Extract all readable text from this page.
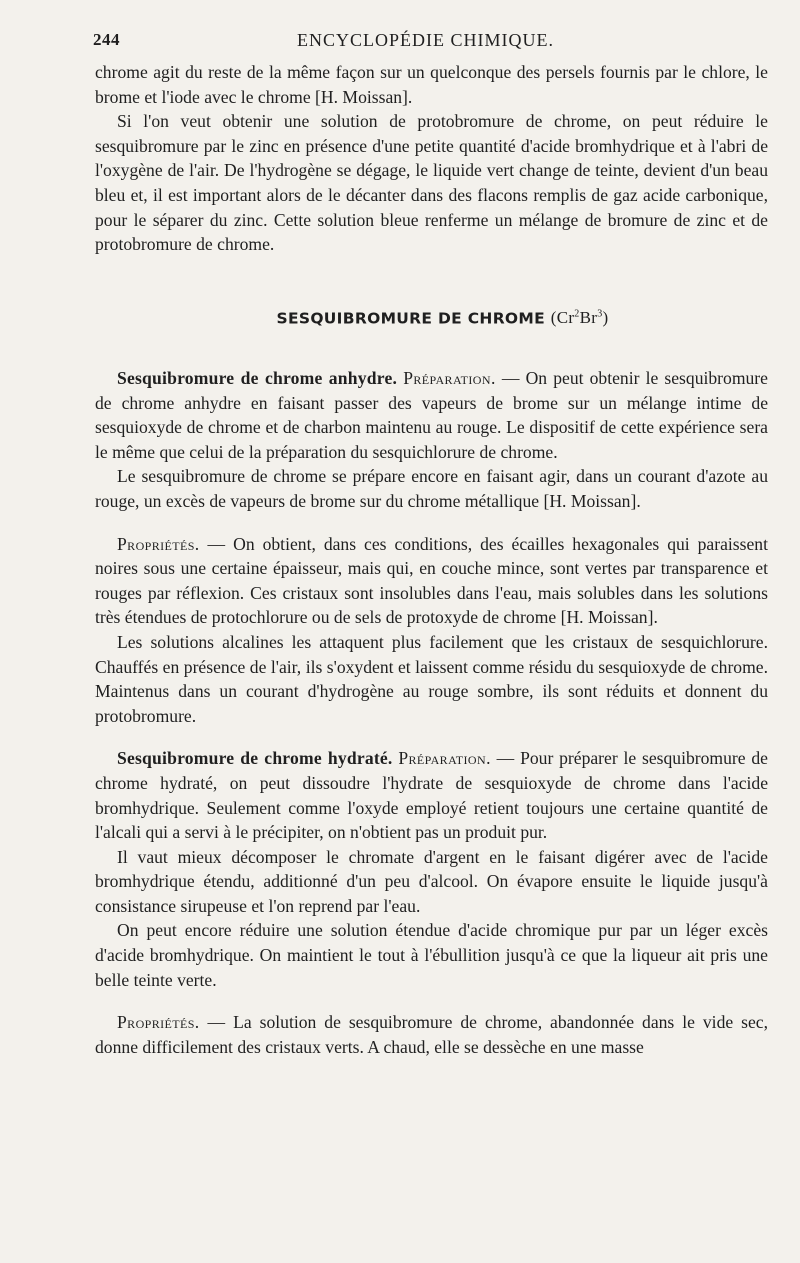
244	ENCYCLOPÉDIE CHIMIQUE.

chrome agit du reste de la même façon sur un quelconque des persels fournis par le chlore, le brome et l'iode avec le chrome [H. Moissan].

Si l'on veut obtenir une solution de protobromure de chrome, on peut réduire le sesquibromure par le zinc en présence d'une petite quantité d'acide bromhydrique et à l'abri de l'oxygène de l'air. De l'hydrogène se dégage, le liquide vert change de teinte, devient d'un beau bleu et, il est important alors de le décanter dans des flacons remplis de gaz acide carbonique, pour le séparer du zinc. Cette solution bleue renferme un mélange de bromure de zinc et de protobromure de chrome.

SESQUIBROMURE DE CHROME (Cr$^2$Br$^3$)

Sesquibromure de chrome anhydre. Préparation. — On peut obtenir le sesquibromure de chrome anhydre en faisant passer des vapeurs de brome sur un mélange intime de sesquioxyde de chrome et de charbon maintenu au rouge. Le dispositif de cette expérience sera le même que celui de la préparation du sesquichlorure de chrome.

Le sesquibromure de chrome se prépare encore en faisant agir, dans un courant d'azote au rouge, un excès de vapeurs de brome sur du chrome métallique [H. Moissan].

Propriétés. — On obtient, dans ces conditions, des écailles hexagonales qui paraissent noires sous une certaine épaisseur, mais qui, en couche mince, sont vertes par transparence et rouges par réflexion. Ces cristaux sont insolubles dans l'eau, mais solubles dans les solutions très étendues de protochlorure ou de sels de protoxyde de chrome [H. Moissan].

Les solutions alcalines les attaquent plus facilement que les cristaux de sesquichlorure. Chauffés en présence de l'air, ils s'oxydent et laissent comme résidu du sesquioxyde de chrome. Maintenus dans un courant d'hydrogène au rouge sombre, ils sont réduits et donnent du protobromure.

Sesquibromure de chrome hydraté. Préparation. — Pour préparer le sesquibromure de chrome hydraté, on peut dissoudre l'hydrate de sesquioxyde de chrome dans l'acide bromhydrique. Seulement comme l'oxyde employé retient toujours une certaine quantité de l'alcali qui a servi à le précipiter, on n'obtient pas un produit pur.

Il vaut mieux décomposer le chromate d'argent en le faisant digérer avec de l'acide bromhydrique étendu, additionné d'un peu d'alcool. On évapore ensuite le liquide jusqu'à consistance sirupeuse et l'on reprend par l'eau.

On peut encore réduire une solution étendue d'acide chromique pur par un léger excès d'acide bromhydrique. On maintient le tout à l'ébullition jusqu'à ce que la liqueur ait pris une belle teinte verte.

Propriétés. — La solution de sesquibromure de chrome, abandonnée dans le vide sec, donne difficilement des cristaux verts. A chaud, elle se dessèche en une masse
